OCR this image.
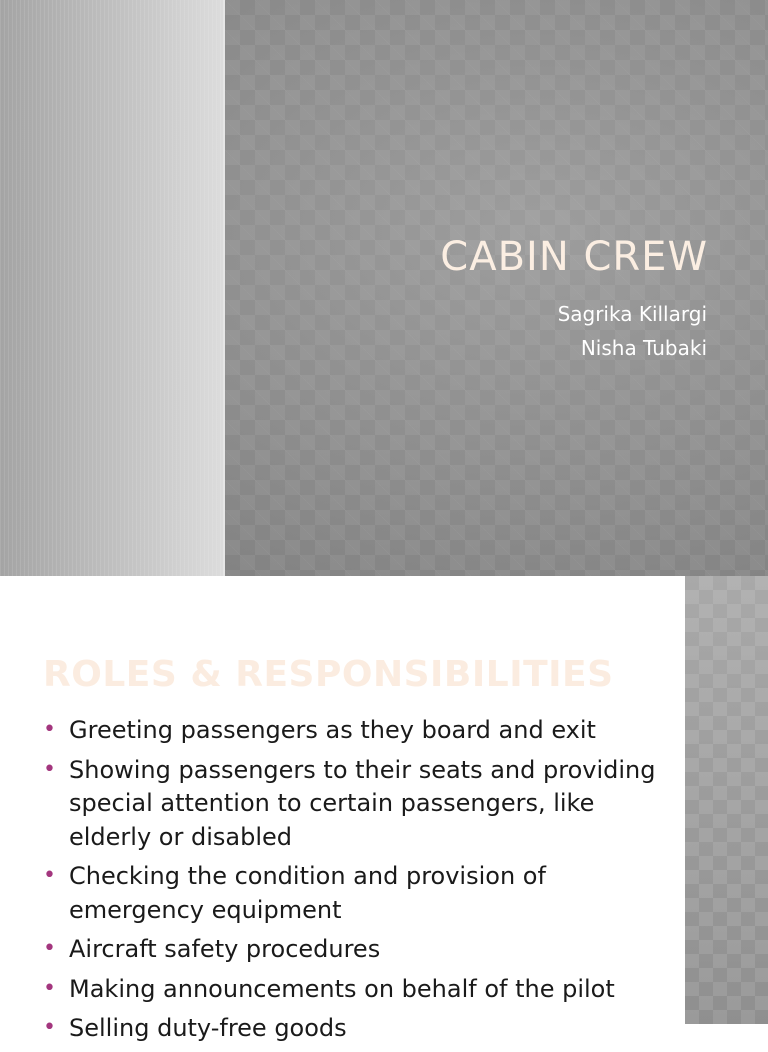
CABIN CREW
Sagrika Killargi
Nisha Tubaki
ROLES & RESPONSIBILITIES
• Greeting passengers as they board and exit
• Showing passengers to their seats and providing special attention to certain passengers, like elderly or disabled
• Checking the condition and provision of emergency equipment
• Aircraft safety procedures
• Making announcements on behalf of the pilot
• Selling duty-free goods
